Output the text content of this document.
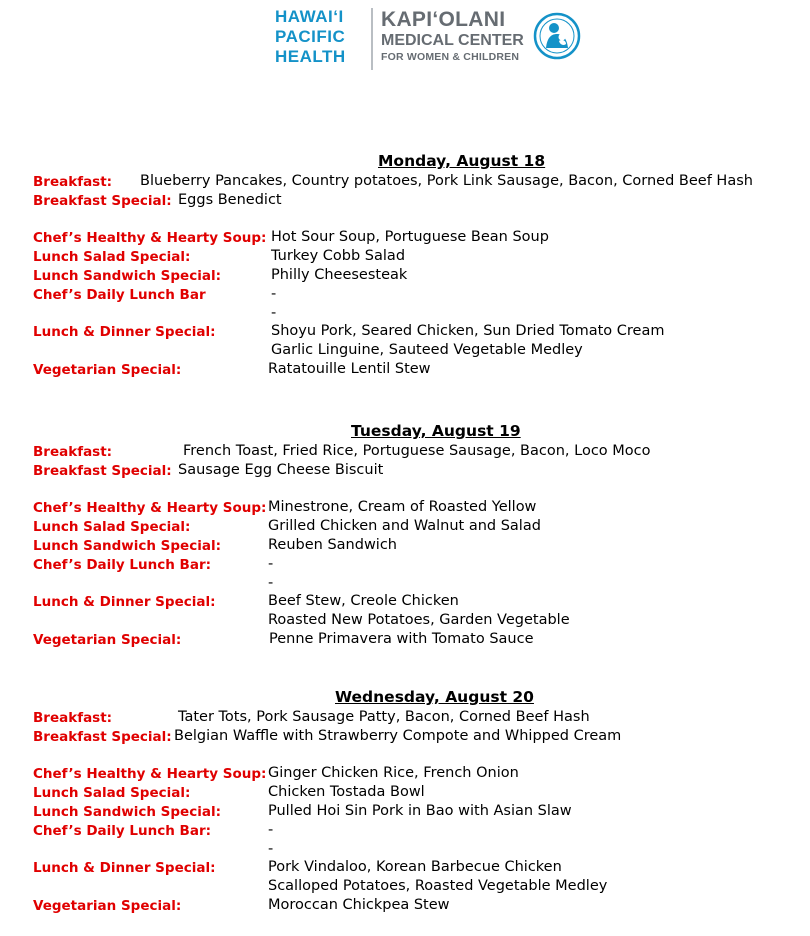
HAWAI‘I
PACIFIC
HEALTH
KAPI‘OLANI
MEDICAL CENTER
FOR WOMEN & CHILDREN
Monday, August 18
Breakfast: Blueberry Pancakes, Country potatoes, Pork Link Sausage, Bacon, Corned Beef Hash
Breakfast Special: Eggs Benedict
Chef’s Healthy & Hearty Soup: Hot Sour Soup, Portuguese Bean Soup
Lunch Salad Special:	Turkey Cobb Salad
Lunch Sandwich Special:	Philly Cheesesteak
Chef’s Daily Lunch Bar	-
-
Lunch & Dinner Special:	Shoyu Pork, Seared Chicken, Sun Dried Tomato Cream
Garlic Linguine, Sauteed Vegetable Medley
Vegetarian Special:	Ratatouille Lentil Stew
Tuesday, August 19
Breakfast:	French Toast, Fried Rice, Portuguese Sausage, Bacon, Loco Moco
Breakfast Special: Sausage Egg Cheese Biscuit
Chef’s Healthy & Hearty Soup: Minestrone, Cream of Roasted Yellow
Lunch Salad Special:	Grilled Chicken and Walnut and Salad
Lunch Sandwich Special:	Reuben Sandwich
Chef’s Daily Lunch Bar:	-
-
Lunch & Dinner Special:	Beef Stew, Creole Chicken
Roasted New Potatoes, Garden Vegetable
Vegetarian Special:	Penne Primavera with Tomato Sauce
Wednesday, August 20
Breakfast:	Tater Tots, Pork Sausage Patty, Bacon, Corned Beef Hash
Breakfast Special: Belgian Waffle with Strawberry Compote and Whipped Cream
Chef’s Healthy & Hearty Soup: Ginger Chicken Rice, French Onion
Lunch Salad Special:	Chicken Tostada Bowl
Lunch Sandwich Special:	Pulled Hoi Sin Pork in Bao with Asian Slaw
Chef’s Daily Lunch Bar:	-
-
Lunch & Dinner Special:	Pork Vindaloo, Korean Barbecue Chicken
Scalloped Potatoes, Roasted Vegetable Medley
Vegetarian Special:	Moroccan Chickpea Stew
